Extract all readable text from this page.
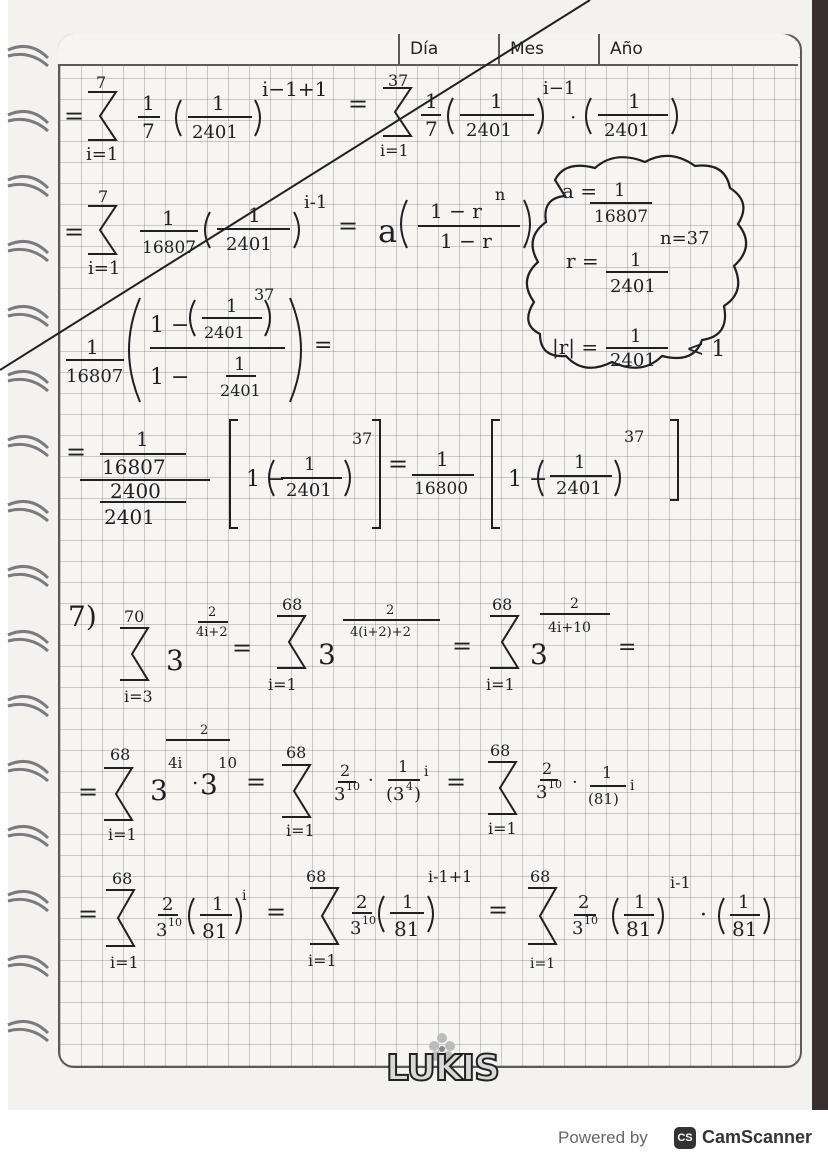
Día	Mes	Año
=
7
i=1
1
7
1
2401
i−1+1
=
37
i=1
1
7
1
2401
i−1
·
1
2401
=
7
i=1
1
16807
1
2401
i-1
= a
1 − r
n
1 − r
a = 1
16807
n=37
r = 1
2401
|r| = 1
2401 < 1
1
16807
1 −
1
2401
37
1 −
1
2401
=
= 1
16807
2400
2401
1 −
1
2401
37
= 1
16800 1 −
1
2401
37
7) 70
i=3
3
2
4i+2
=
68
i=1
3
2
4(i+2)+2 =
68
i=1
3
2
4i+10
=
=
68
i=1
3
2
4i
. 3
10
=
68
i=1
2
3 10 ·
1
(3 4 )
i =
68
i=1
2
3 10 · 1
(81)
i
=
68
i=1
2
3 10
1
81
i
=
68
i=1
2
3 10
1
81
i-1+1
=
68
i=1
2
3 10
1
81
i-1
·
1
81
LUKIS
Powered by	CS CamScanner
